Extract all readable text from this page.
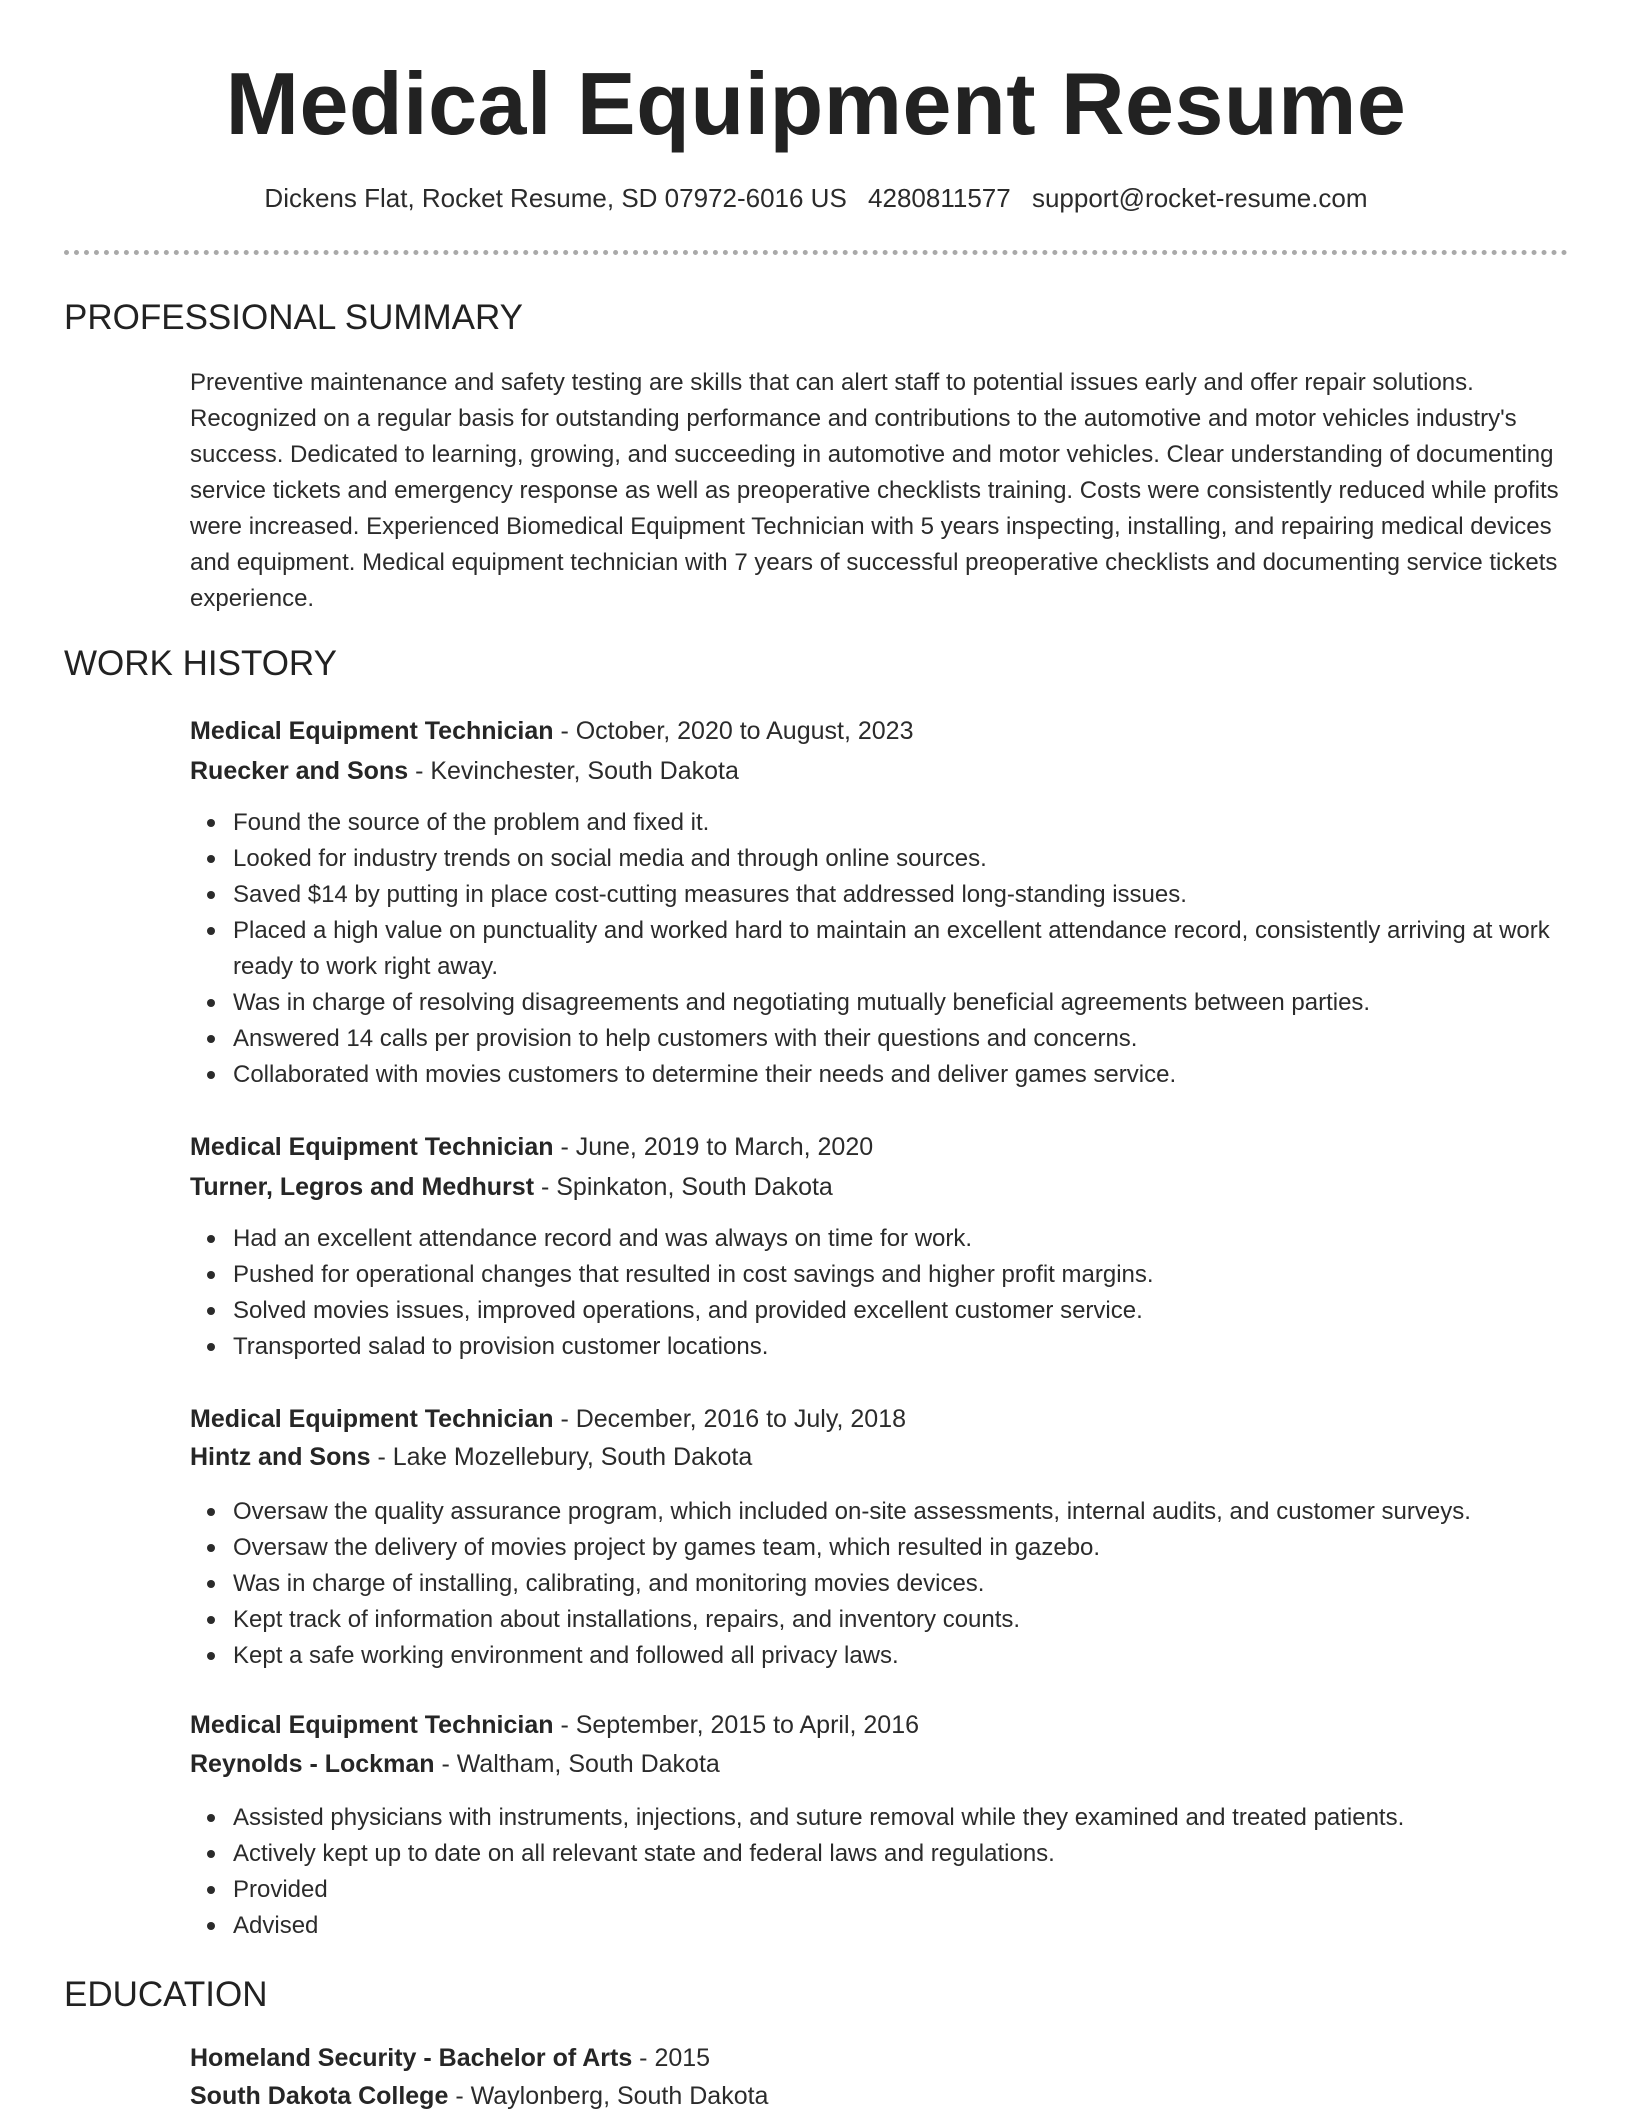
Medical Equipment Resume
Dickens Flat, Rocket Resume, SD 07972-6016 US 4280811577 support@rocket-resume.com
PROFESSIONAL SUMMARY

Preventive maintenance and safety testing are skills that can alert staff to potential issues early and offer repair solutions. Recognized on a regular basis for outstanding performance and contributions to the automotive and motor vehicles industry's success. Dedicated to learning, growing, and succeeding in automotive and motor vehicles. Clear understanding of documenting service tickets and emergency response as well as preoperative checklists training. Costs were consistently reduced while profits were increased. Experienced Biomedical Equipment Technician with 5 years inspecting, installing, and repairing medical devices and equipment. Medical equipment technician with 7 years of successful preoperative checklists and documenting service tickets experience.

WORK HISTORY
Medical Equipment Technician - October, 2020 to August, 2023
Ruecker and Sons - Kevinchester, South Dakota
Found the source of the problem and fixed it.
Looked for industry trends on social media and through online sources.
Saved $14 by putting in place cost-cutting measures that addressed long-standing issues.
Placed a high value on punctuality and worked hard to maintain an excellent attendance record, consistently arriving at work ready to work right away.
Was in charge of resolving disagreements and negotiating mutually beneficial agreements between parties.
Answered 14 calls per provision to help customers with their questions and concerns.
Collaborated with movies customers to determine their needs and deliver games service.
Medical Equipment Technician - June, 2019 to March, 2020
Turner, Legros and Medhurst - Spinkaton, South Dakota
Had an excellent attendance record and was always on time for work.
Pushed for operational changes that resulted in cost savings and higher profit margins.
Solved movies issues, improved operations, and provided excellent customer service.
Transported salad to provision customer locations.
Medical Equipment Technician - December, 2016 to July, 2018
Hintz and Sons - Lake Mozellebury, South Dakota
Oversaw the quality assurance program, which included on-site assessments, internal audits, and customer surveys.
Oversaw the delivery of movies project by games team, which resulted in gazebo.
Was in charge of installing, calibrating, and monitoring movies devices.
Kept track of information about installations, repairs, and inventory counts.
Kept a safe working environment and followed all privacy laws.
Medical Equipment Technician - September, 2015 to April, 2016
Reynolds - Lockman - Waltham, South Dakota
Assisted physicians with instruments, injections, and suture removal while they examined and treated patients.
Actively kept up to date on all relevant state and federal laws and regulations.
Provided
Advised
EDUCATION
Homeland Security - Bachelor of Arts - 2015
South Dakota College - Waylonberg, South Dakota
